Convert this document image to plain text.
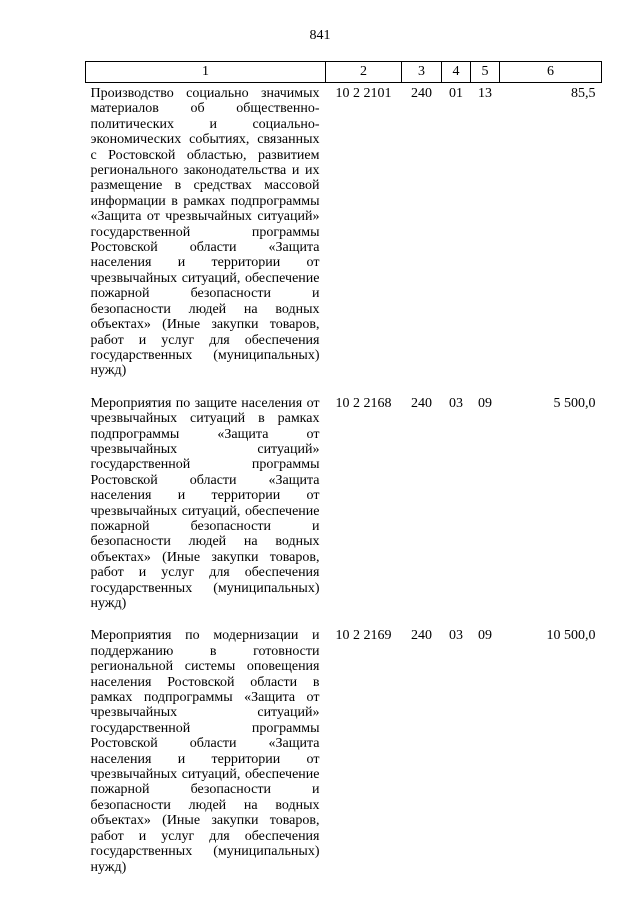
841
1	2	3	4	5	6
Производство социально значимых материалов об общественно-политических и социально-экономических событиях, связанных с Ростовской областью, развитием регионального законодательства и их размещение в средствах массовой информации в рамках подпрограммы «Защита от чрезвычайных ситуаций» государственной программы Ростовской области «Защита населения и территории от чрезвычайных ситуаций, обеспечение пожарной безопасности и безопасности людей на водных объектах» (Иные закупки товаров, работ и услуг для обеспечения государственных (муниципальных) нужд)	10 2 2101	240	01	13	85,5
Мероприятия по защите населения от чрезвычайных ситуаций в рамках подпрограммы «Защита от чрезвычайных ситуаций» государственной программы Ростовской области «Защита населения и территории от чрезвычайных ситуаций, обеспечение пожарной безопасности и безопасности людей на водных объектах» (Иные закупки товаров, работ и услуг для обеспечения государственных (муниципальных) нужд)	10 2 2168	240	03	09	5 500,0
Мероприятия по модернизации и поддержанию в готовности региональной системы оповещения населения Ростовской области в рамках подпрограммы «Защита от чрезвычайных ситуаций» государственной программы Ростовской области «Защита населения и территории от чрезвычайных ситуаций, обеспечение пожарной безопасности и безопасности людей на водных объектах» (Иные закупки товаров, работ и услуг для обеспечения государственных (муниципальных) нужд)	10 2 2169	240	03	09	10 500,0
